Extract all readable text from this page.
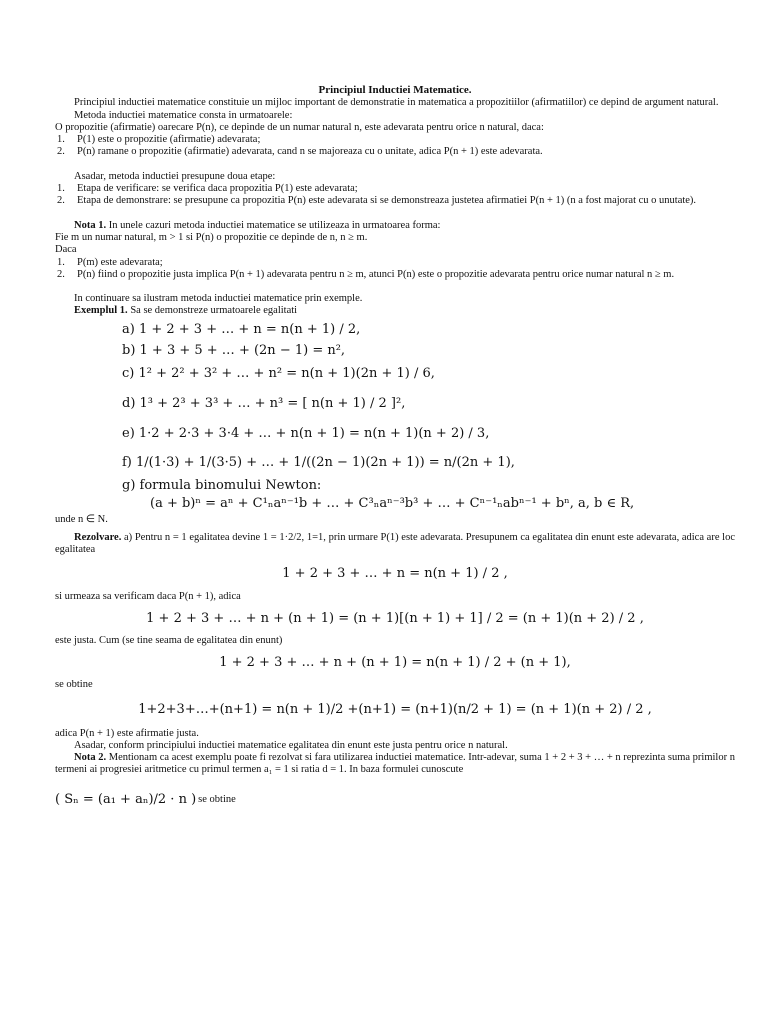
Principiul Inductiei Matematice.

Principiul inductiei matematice constituie un mijloc important de demonstratie in matematica a propozitiilor (afirmatiilor) ce depind de argument natural.

Metoda inductiei matematice consta in urmatoarele:

O propozitie (afirmatie) oarecare P(n), ce depinde de un numar natural n, este adevarata pentru orice n natural, daca:

1.	P(1) este o propozitie (afirmatie) adevarata;
2.	P(n) ramane o propozitie (afirmatie) adevarata, cand n se majoreaza cu o unitate, adica P(n + 1) este adevarata.

Asadar, metoda inductiei presupune doua etape:

1.	Etapa de verificare: se verifica daca propozitia P(1) este adevarata;
2.	Etapa de demonstrare: se presupune ca propozitia P(n) este adevarata si se demonstreaza justetea afirmatiei P(n + 1) (n a fost majorat cu o unutate).

Nota 1. In unele cazuri metoda inductiei matematice se utilizeaza in urmatoarea forma:

Fie m un numar natural, m > 1 si P(n) o propozitie ce depinde de n, n ≥ m.

Daca

1.	P(m) este adevarata;
2.	P(n) fiind o propozitie justa implica P(n + 1) adevarata pentru n ≥ m, atunci P(n) este o propozitie adevarata pentru orice numar natural n ≥ m.

In continuare sa ilustram metoda inductiei matematice prin exemple.

Exemplul 1. Sa se demonstreze urmatoarele egalitati

a) 1 + 2 + 3 + … + n = n(n + 1) / 2,
b) 1 + 3 + 5 + … + (2n − 1) = n²,
c) 1² + 2² + 3² + … + n² = n(n + 1)(2n + 1) / 6,
d) 1³ + 2³ + 3³ + … + n³ = [ n(n + 1) / 2 ]²,
e) 1·2 + 2·3 + 3·4 + … + n(n + 1) = n(n + 1)(n + 2) / 3,
f) 1/(1·3) + 1/(3·5) + … + 1/((2n − 1)(2n + 1)) = n/(2n + 1),
g) formula binomului Newton:
(a + b)ⁿ = aⁿ + C¹ₙaⁿ⁻¹b + … + C³ₙaⁿ⁻³b³ + … + Cⁿ⁻¹ₙabⁿ⁻¹ + bⁿ, a, b ∈ R,

unde n ∈ N.

Rezolvare. a) Pentru n = 1 egalitatea devine 1 = 1·2/2, 1=1, prin urmare P(1) este adevarata. Presupunem ca egalitatea din enunt este adevarata, adica are loc egalitatea

1 + 2 + 3 + … + n = n(n + 1) / 2 ,

si urmeaza sa verificam daca P(n + 1), adica

1 + 2 + 3 + … + n + (n + 1) = (n + 1)[(n + 1) + 1] / 2 = (n + 1)(n + 2) / 2 ,

este justa. Cum (se tine seama de egalitatea din enunt)

1 + 2 + 3 + … + n + (n + 1) = n(n + 1) / 2 + (n + 1),

se obtine

1+2+3+…+(n+1) = n(n + 1)/2 +(n+1) = (n+1)(n/2 + 1) = (n + 1)(n + 2) / 2 ,

adica P(n + 1) este afirmatie justa.

Asadar, conform principiului inductiei matematice egalitatea din enunt este justa pentru orice n natural.

Nota 2. Mentionam ca acest exemplu poate fi rezolvat si fara utilizarea inductiei matematice. Intr-adevar, suma 1 + 2 + 3 + … + n reprezinta suma primilor n termeni ai progresiei aritmetice cu primul termen a₁ = 1 si ratia d = 1. In baza formulei cunoscute

( Sₙ = (a₁ + aₙ)/2 · n ) se obtine
